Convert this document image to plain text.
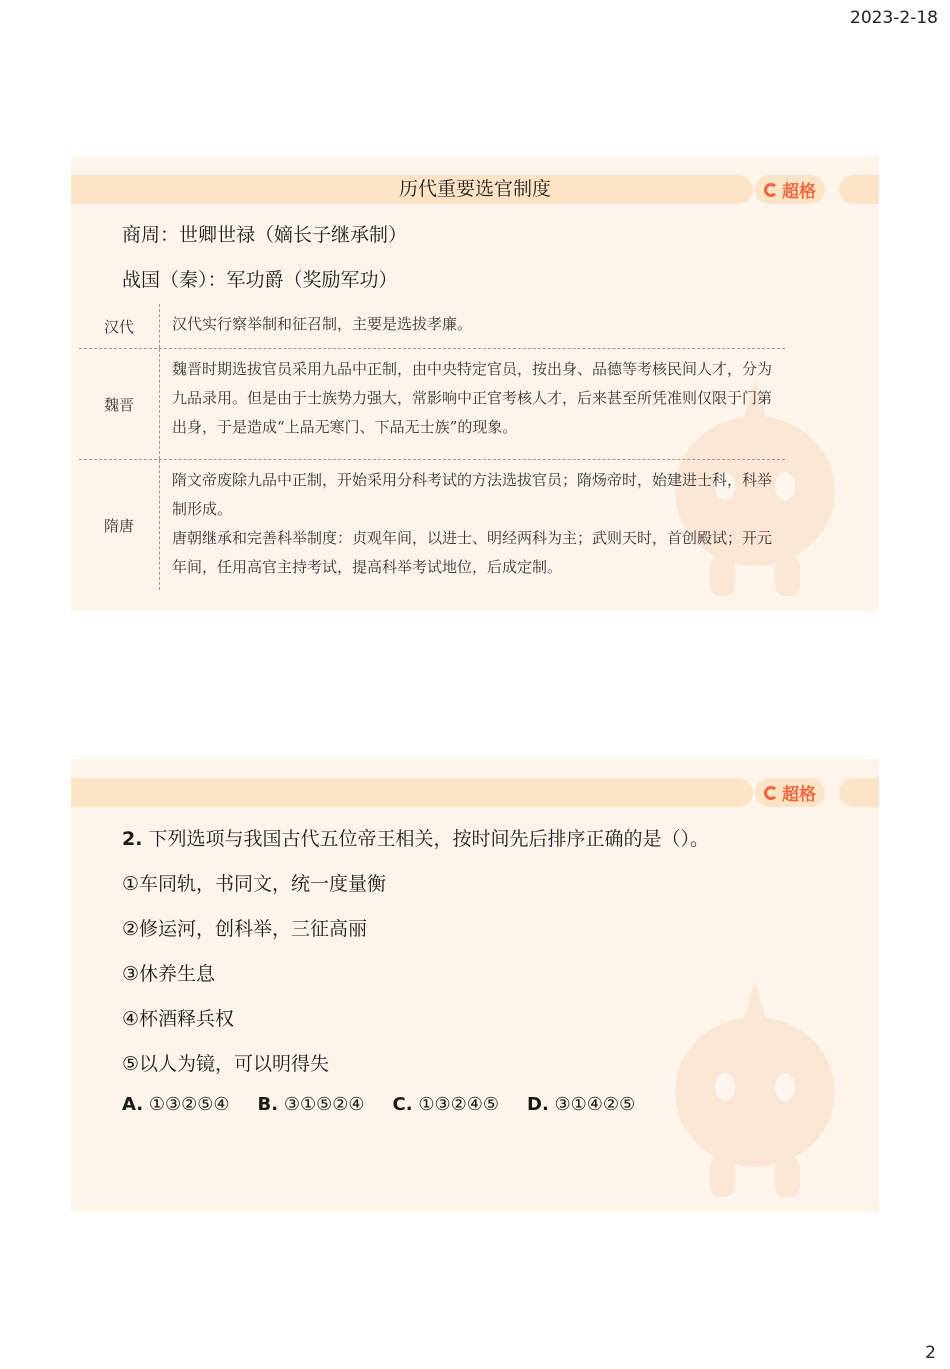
2023-2-18
历代重要选官制度	超格
商周：世卿世禄（嫡长子继承制）
战国（秦）：军功爵（奖励军功）
汉代	汉代实行察举制和征召制，主要是选拔孝廉。
魏晋
魏晋时期选拔官员采用九品中正制，由中央特定官员，按出身、品德等考核民间人才，分为九品录用。但是由于士族势力强大，常影响中正官考核人才，后来甚至所凭准则仅限于门第出身，于是造成“上品无寒门、下品无士族”的现象。
隋唐
隋文帝废除九品中正制，开始采用分科考试的方法选拔官员；隋炀帝时，始建进士科，科举制形成。
唐朝继承和完善科举制度：贞观年间，以进士、明经两科为主；武则天时，首创殿试；开元年间，任用高官主持考试，提高科举考试地位，后成定制。
超格
2. 下列选项与我国古代五位帝王相关，按时间先后排序正确的是（）。
①车同轨，书同文，统一度量衡
②修运河，创科举，三征高丽
③休养生息
④杯酒释兵权
⑤以人为镜，可以明得失
A. ①③②⑤④ B. ③①⑤②④ C. ①③②④⑤ D. ③①④②⑤
2
